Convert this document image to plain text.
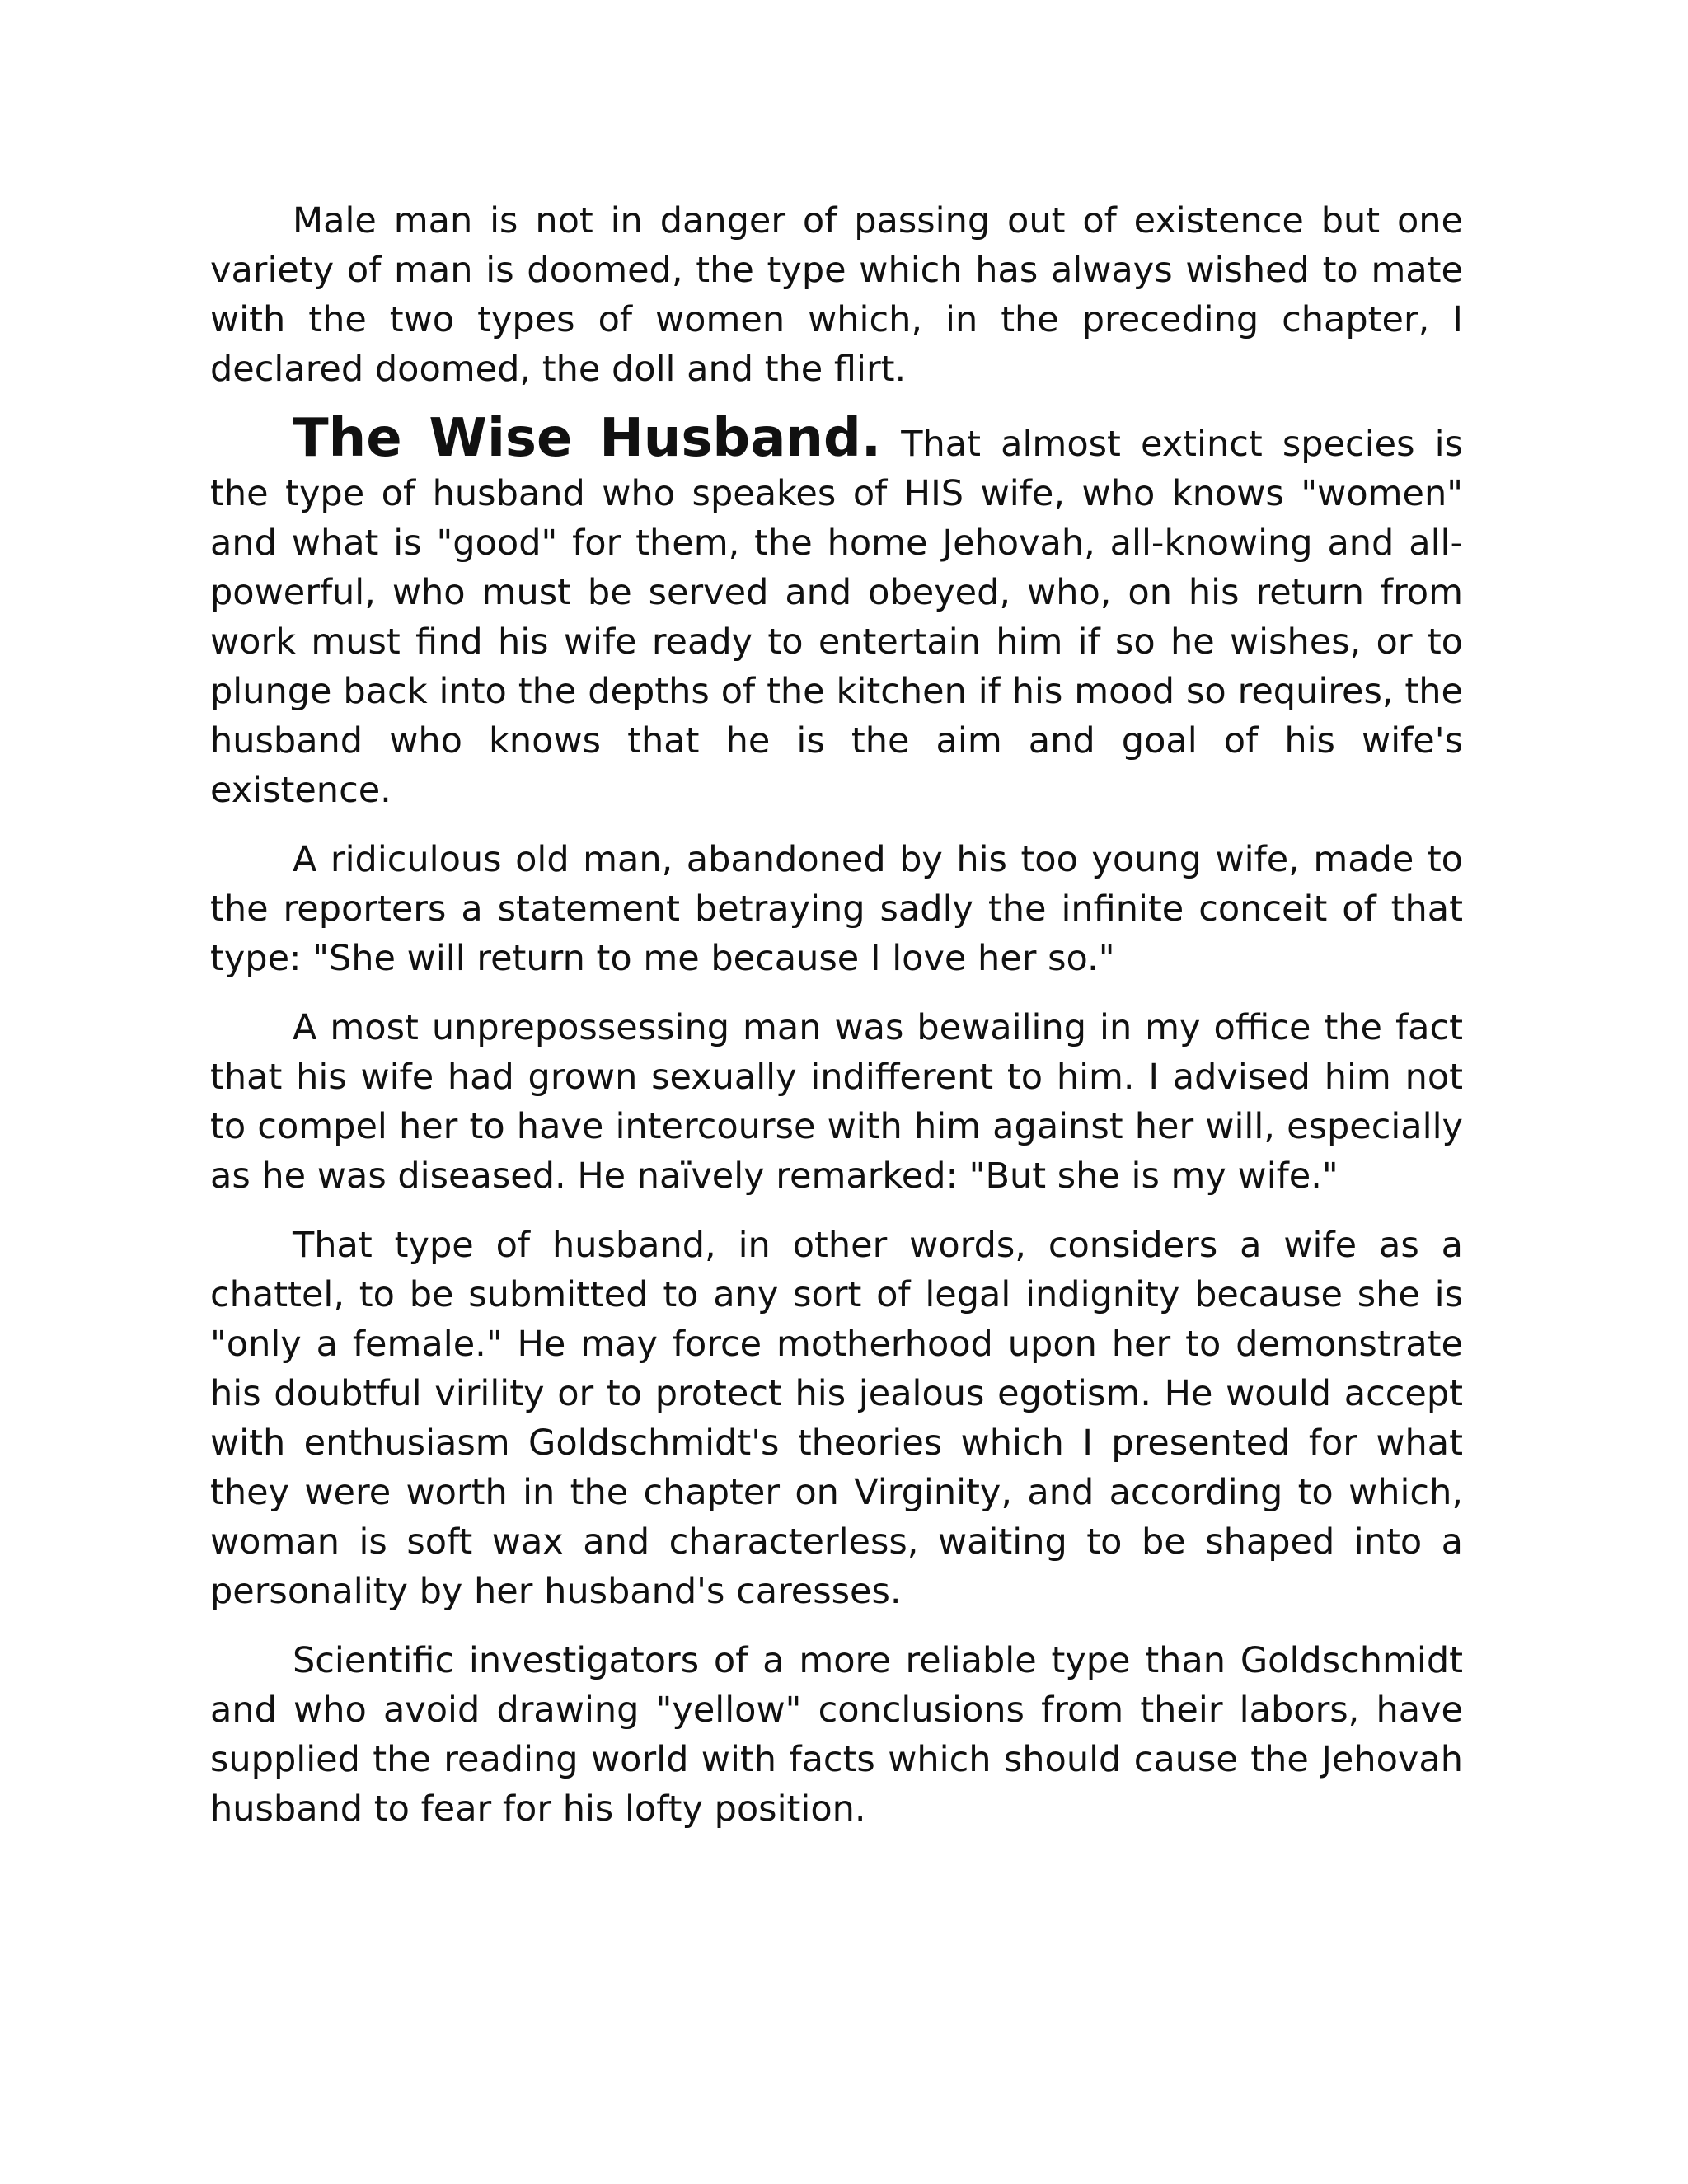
Male man is not in danger of passing out of existence but one variety of man is doomed, the type which has always wished to mate with the two types of women which, in the preceding chapter, I declared doomed, the doll and the flirt.

The Wise Husband. That almost extinct species is the type of husband who speakes of HIS wife, who knows "women" and what is "good" for them, the home Jehovah, all-knowing and all-powerful, who must be served and obeyed, who, on his return from work must find his wife ready to entertain him if so he wishes, or to plunge back into the depths of the kitchen if his mood so requires, the husband who knows that he is the aim and goal of his wife's existence.

A ridiculous old man, abandoned by his too young wife, made to the reporters a statement betraying sadly the infinite conceit of that type: "She will return to me because I love her so."

A most unprepossessing man was bewailing in my office the fact that his wife had grown sexually indifferent to him. I advised him not to compel her to have intercourse with him against her will, especially as he was diseased. He naïvely remarked: "But she is my wife."

That type of husband, in other words, considers a wife as a chattel, to be submitted to any sort of legal indignity because she is "only a female." He may force motherhood upon her to demonstrate his doubtful virility or to protect his jealous egotism. He would accept with enthusiasm Goldschmidt's theories which I presented for what they were worth in the chapter on Virginity, and according to which, woman is soft wax and characterless, waiting to be shaped into a personality by her husband's caresses.

Scientific investigators of a more reliable type than Goldschmidt and who avoid drawing "yellow" conclusions from their labors, have supplied the reading world with facts which should cause the Jehovah husband to fear for his lofty position.
